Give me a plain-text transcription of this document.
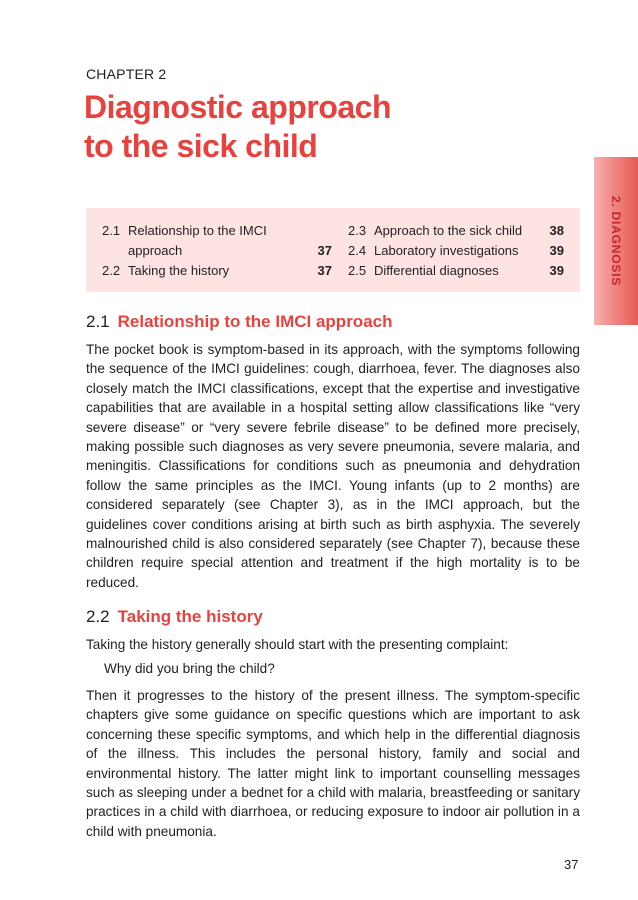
CHAPTER 2
Diagnostic approach
to the sick child
2. DIAGNOSIS
2.1 Relationship to the IMCI
approach	37
2.2 Taking the history	37
2.3 Approach to the sick child 38
2.4 Laboratory investigations 39
2.5 Differential diagnoses	39
2.1 Relationship to the IMCI approach

The pocket book is symptom-based in its approach, with the symptoms following the sequence of the IMCI guidelines: cough, diarrhoea, fever. The diagnoses also closely match the IMCI classifications, except that the expertise and investigative capabilities that are available in a hospital setting allow classifications like “very severe disease” or “very severe febrile disease” to be defined more precisely, making possible such diagnoses as very severe pneumonia, severe malaria, and meningitis. Classifications for conditions such as pneumonia and dehydration follow the same principles as the IMCI. Young infants (up to 2 months) are considered separately (see Chapter 3), as in the IMCI approach, but the guidelines cover conditions arising at birth such as birth asphyxia. The severely malnourished child is also considered separately (see Chapter 7), because these children require special attention and treatment if the high mortality is to be reduced.

2.2 Taking the history

Taking the history generally should start with the presenting complaint:

Why did you bring the child?

Then it progresses to the history of the present illness. The symptom-specific chapters give some guidance on specific questions which are important to ask concerning these specific symptoms, and which help in the differential diagnosis of the illness. This includes the personal history, family and social and environmental history. The latter might link to important counselling messages such as sleeping under a bednet for a child with malaria, breastfeeding or sanitary practices in a child with diarrhoea, or reducing exposure to indoor air pollution in a child with pneumonia.

37
